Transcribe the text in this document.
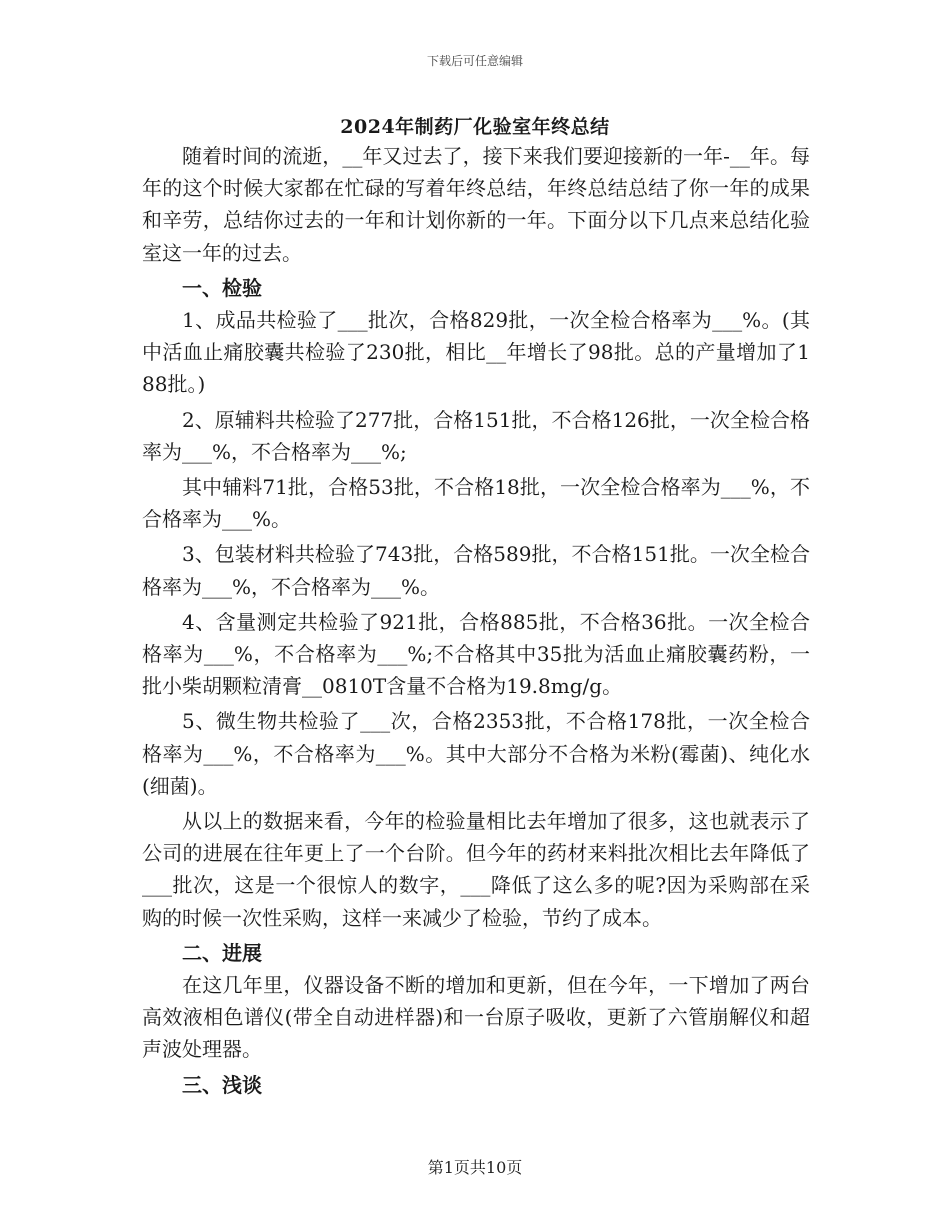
下载后可任意编辑
2024年制药厂化验室年终总结

随着时间的流逝，__年又过去了，接下来我们要迎接新的一年-__年。每年的这个时候大家都在忙碌的写着年终总结，年终总结总结了你一年的成果和辛劳，总结你过去的一年和计划你新的一年。下面分以下几点来总结化验室这一年的过去。

一、检验

1、成品共检验了___批次，合格829批，一次全检合格率为___%。(其中活血止痛胶囊共检验了230批，相比__年增长了98批。总的产量增加了188批。)

2、原辅料共检验了277批，合格151批，不合格126批，一次全检合格率为___%，不合格率为___%;

其中辅料71批，合格53批，不合格18批，一次全检合格率为___%，不合格率为___%。

3、包装材料共检验了743批，合格589批，不合格151批。一次全检合格率为___%，不合格率为___%。

4、含量测定共检验了921批，合格885批，不合格36批。一次全检合格率为___%，不合格率为___%;不合格其中35批为活血止痛胶囊药粉，一批小柴胡颗粒清膏__0810T含量不合格为19.8mg/g。

5、微生物共检验了___次，合格2353批，不合格178批，一次全检合格率为___%，不合格率为___%。其中大部分不合格为米粉(霉菌)、纯化水(细菌)。

从以上的数据来看，今年的检验量相比去年增加了很多，这也就表示了公司的进展在往年更上了一个台阶。但今年的药材来料批次相比去年降低了___批次，这是一个很惊人的数字，___降低了这么多的呢?因为采购部在采购的时候一次性采购，这样一来减少了检验，节约了成本。

二、进展

在这几年里，仪器设备不断的增加和更新，但在今年，一下增加了两台高效液相色谱仪(带全自动进样器)和一台原子吸收，更新了六管崩解仪和超声波处理器。

三、浅谈
第1页共10页
